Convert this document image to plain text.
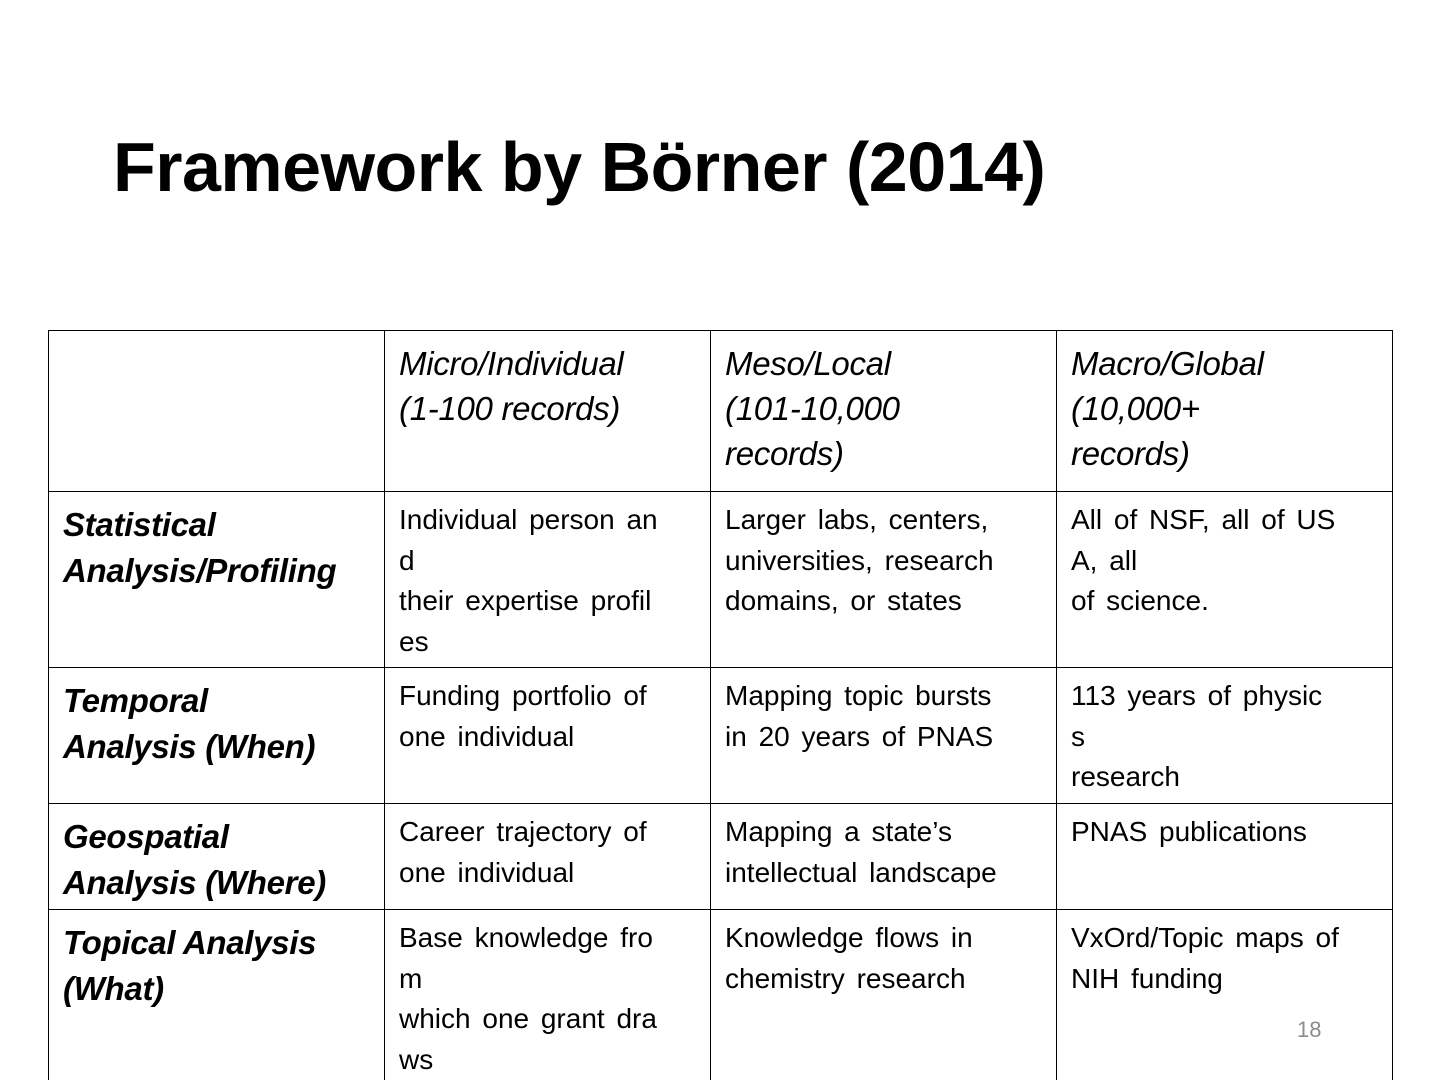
Framework by Börner (2014)

	Micro/Individual
(1-100 records)	Meso/Local
(101-10,000
records)	Macro/Global
(10,000+
records)

Statistical
Analysis/Profiling	Individual person an
d
their expertise profil
es	Larger labs, centers,
universities, research
domains, or states	All of NSF, all of US
A, all
of science.

Temporal
Analysis (When)	Funding portfolio of
one individual	Mapping topic bursts
in 20 years of PNAS	113 years of physic
s
research

Geospatial
Analysis (Where)	Career trajectory of
one individual	Mapping a state’s
intellectual landscape	PNAS publications

Topical Analysis
(What)	Base knowledge fro
m
which one grant dra
ws	Knowledge flows in
chemistry research	VxOrd/Topic maps of
NIH funding
18
